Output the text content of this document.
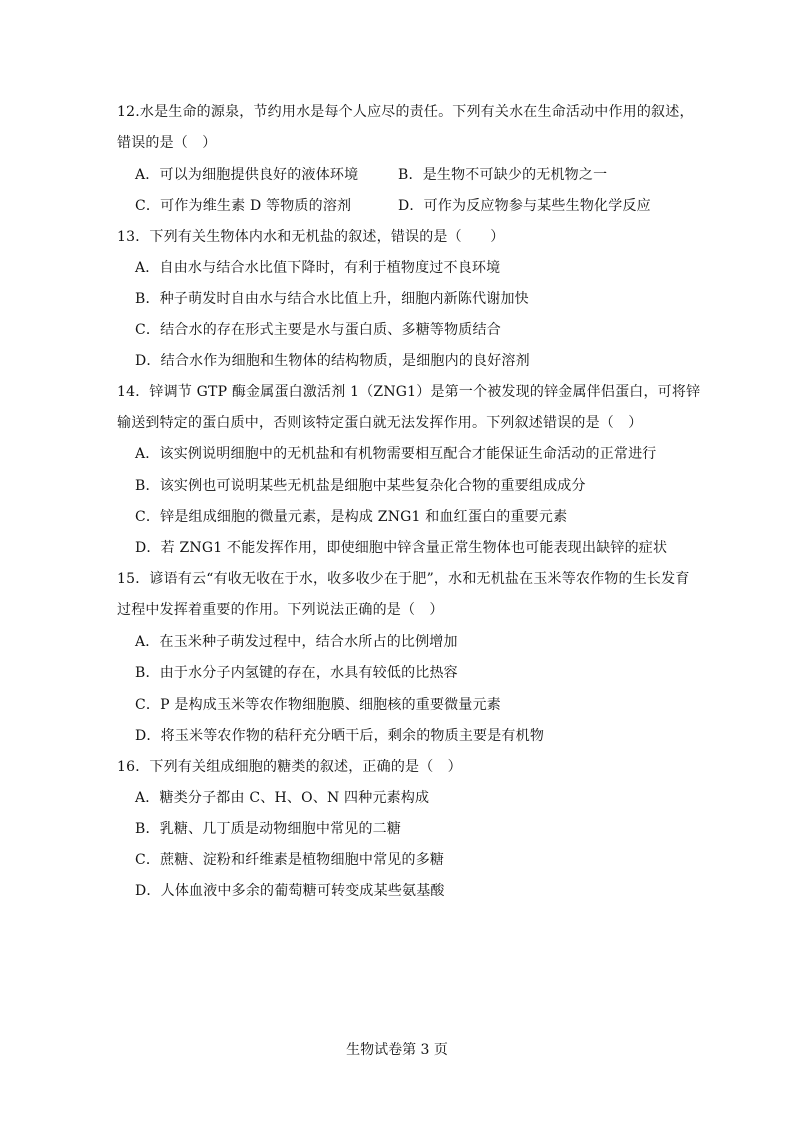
12.水是生命的源泉，节约用水是每个人应尽的责任。下列有关水在生命活动中作用的叙述，
错误的是（　）
A．可以为细胞提供良好的液体环境	B．是生物不可缺少的无机物之一
C．可作为维生素 D 等物质的溶剂	D．可作为反应物参与某些生物化学反应
13．下列有关生物体内水和无机盐的叙述，错误的是（　　）
A．自由水与结合水比值下降时，有利于植物度过不良环境
B．种子萌发时自由水与结合水比值上升，细胞内新陈代谢加快
C．结合水的存在形式主要是水与蛋白质、多糖等物质结合
D．结合水作为细胞和生物体的结构物质，是细胞内的良好溶剂
14．锌调节 GTP 酶金属蛋白激活剂 1（ZNG1）是第一个被发现的锌金属伴侣蛋白，可将锌
输送到特定的蛋白质中，否则该特定蛋白就无法发挥作用。下列叙述错误的是（　）
A．该实例说明细胞中的无机盐和有机物需要相互配合才能保证生命活动的正常进行
B．该实例也可说明某些无机盐是细胞中某些复杂化合物的重要组成成分
C．锌是组成细胞的微量元素，是构成 ZNG1 和血红蛋白的重要元素
D．若 ZNG1 不能发挥作用，即使细胞中锌含量正常生物体也可能表现出缺锌的症状
15．谚语有云“有收无收在于水，收多收少在于肥”，水和无机盐在玉米等农作物的生长发育
过程中发挥着重要的作用。下列说法正确的是（　）
A．在玉米种子萌发过程中，结合水所占的比例增加
B．由于水分子内氢键的存在，水具有较低的比热容
C．P 是构成玉米等农作物细胞膜、细胞核的重要微量元素
D．将玉米等农作物的秸秆充分晒干后，剩余的物质主要是有机物
16．下列有关组成细胞的糖类的叙述，正确的是（　）
A．糖类分子都由 C、H、O、N 四种元素构成
B．乳糖、几丁质是动物细胞中常见的二糖
C．蔗糖、淀粉和纤维素是植物细胞中常见的多糖
D．人体血液中多余的葡萄糖可转变成某些氨基酸
生物试卷第 3 页
